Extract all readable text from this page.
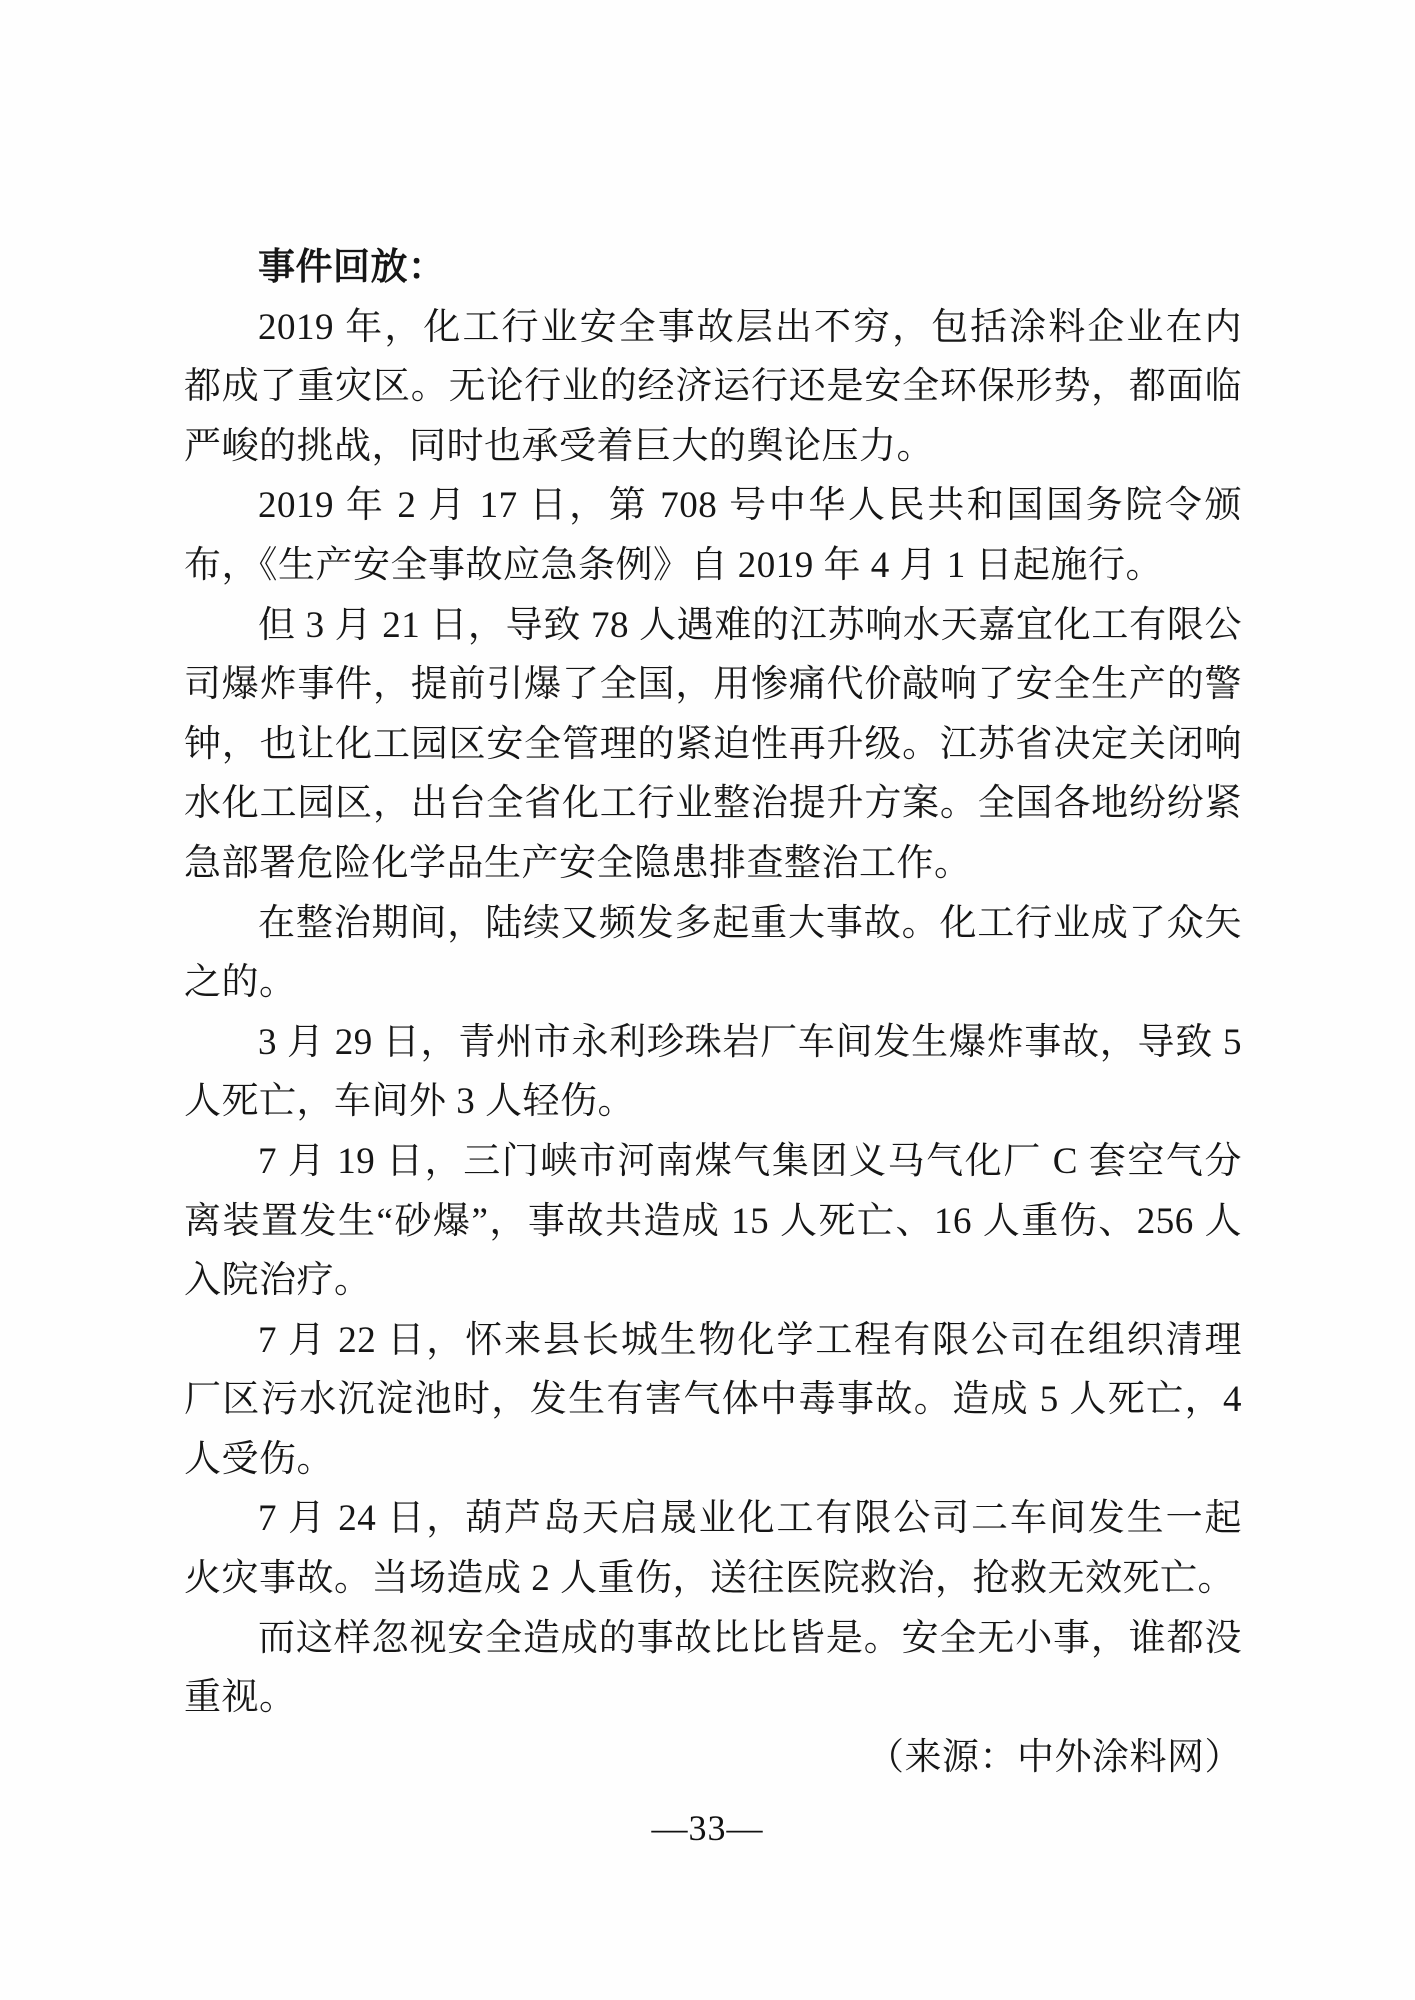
事件回放：

2019 年，化工行业安全事故层出不穷，包括涂料企业在内都成了重灾区。无论行业的经济运行还是安全环保形势，都面临严峻的挑战，同时也承受着巨大的舆论压力。

2019 年 2 月 17 日，第 708 号中华人民共和国国务院令颁布，《生产安全事故应急条例》自 2019 年 4 月 1 日起施行。

但 3 月 21 日，导致 78 人遇难的江苏响水天嘉宜化工有限公司爆炸事件，提前引爆了全国，用惨痛代价敲响了安全生产的警钟，也让化工园区安全管理的紧迫性再升级。江苏省决定关闭响水化工园区，出台全省化工行业整治提升方案。全国各地纷纷紧急部署危险化学品生产安全隐患排查整治工作。

在整治期间，陆续又频发多起重大事故。化工行业成了众矢之的。

3 月 29 日，青州市永利珍珠岩厂车间发生爆炸事故，导致 5 人死亡，车间外 3 人轻伤。

7 月 19 日，三门峡市河南煤气集团义马气化厂 C 套空气分离装置发生“砂爆”，事故共造成 15 人死亡、16 人重伤、256 人入院治疗。

7 月 22 日，怀来县长城生物化学工程有限公司在组织清理厂区污水沉淀池时，发生有害气体中毒事故。造成 5 人死亡，4 人受伤。

7 月 24 日，葫芦岛天启晟业化工有限公司二车间发生一起火灾事故。当场造成 2 人重伤，送往医院救治，抢救无效死亡。

而这样忽视安全造成的事故比比皆是。安全无小事，谁都没重视。

（来源：中外涂料网）

—33—
